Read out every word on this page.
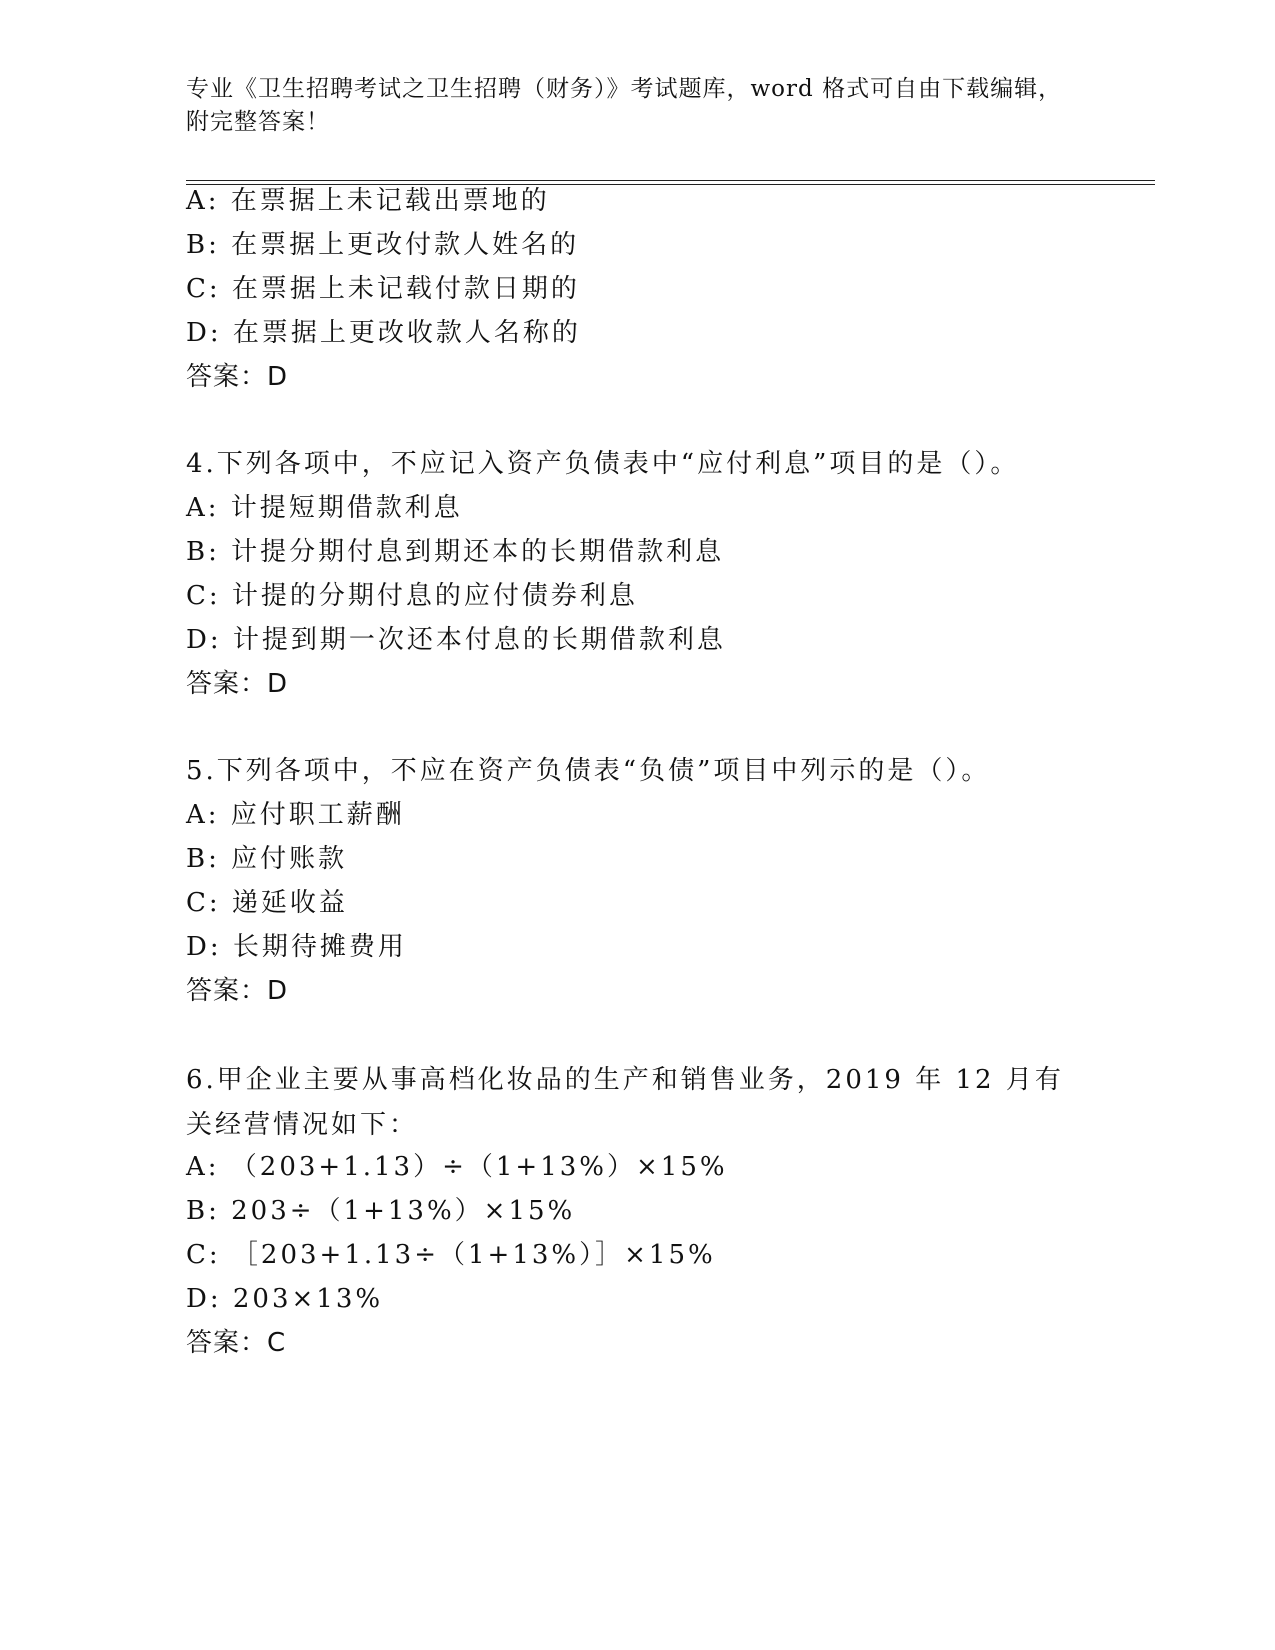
专业《卫生招聘考试之卫生招聘（财务）》考试题库，word 格式可自由下载编辑，附完整答案！
A: 在票据上未记载出票地的
B: 在票据上更改付款人姓名的
C: 在票据上未记载付款日期的
D: 在票据上更改收款人名称的
答案：D
4.下列各项中，不应记入资产负债表中“应付利息”项目的是（）。
A: 计提短期借款利息
B: 计提分期付息到期还本的长期借款利息
C: 计提的分期付息的应付债券利息
D: 计提到期一次还本付息的长期借款利息
答案：D
5.下列各项中，不应在资产负债表“负债”项目中列示的是（）。
A: 应付职工薪酬
B: 应付账款
C: 递延收益
D: 长期待摊费用
答案：D
6.甲企业主要从事高档化妆品的生产和销售业务，2019 年 12 月有关经营情况如下：
A: （203+1.13）÷（1+13%）×15%
B: 203÷（1+13%）×15%
C: ［203+1.13÷（1+13%）］×15%
D: 203×13%
答案：C
